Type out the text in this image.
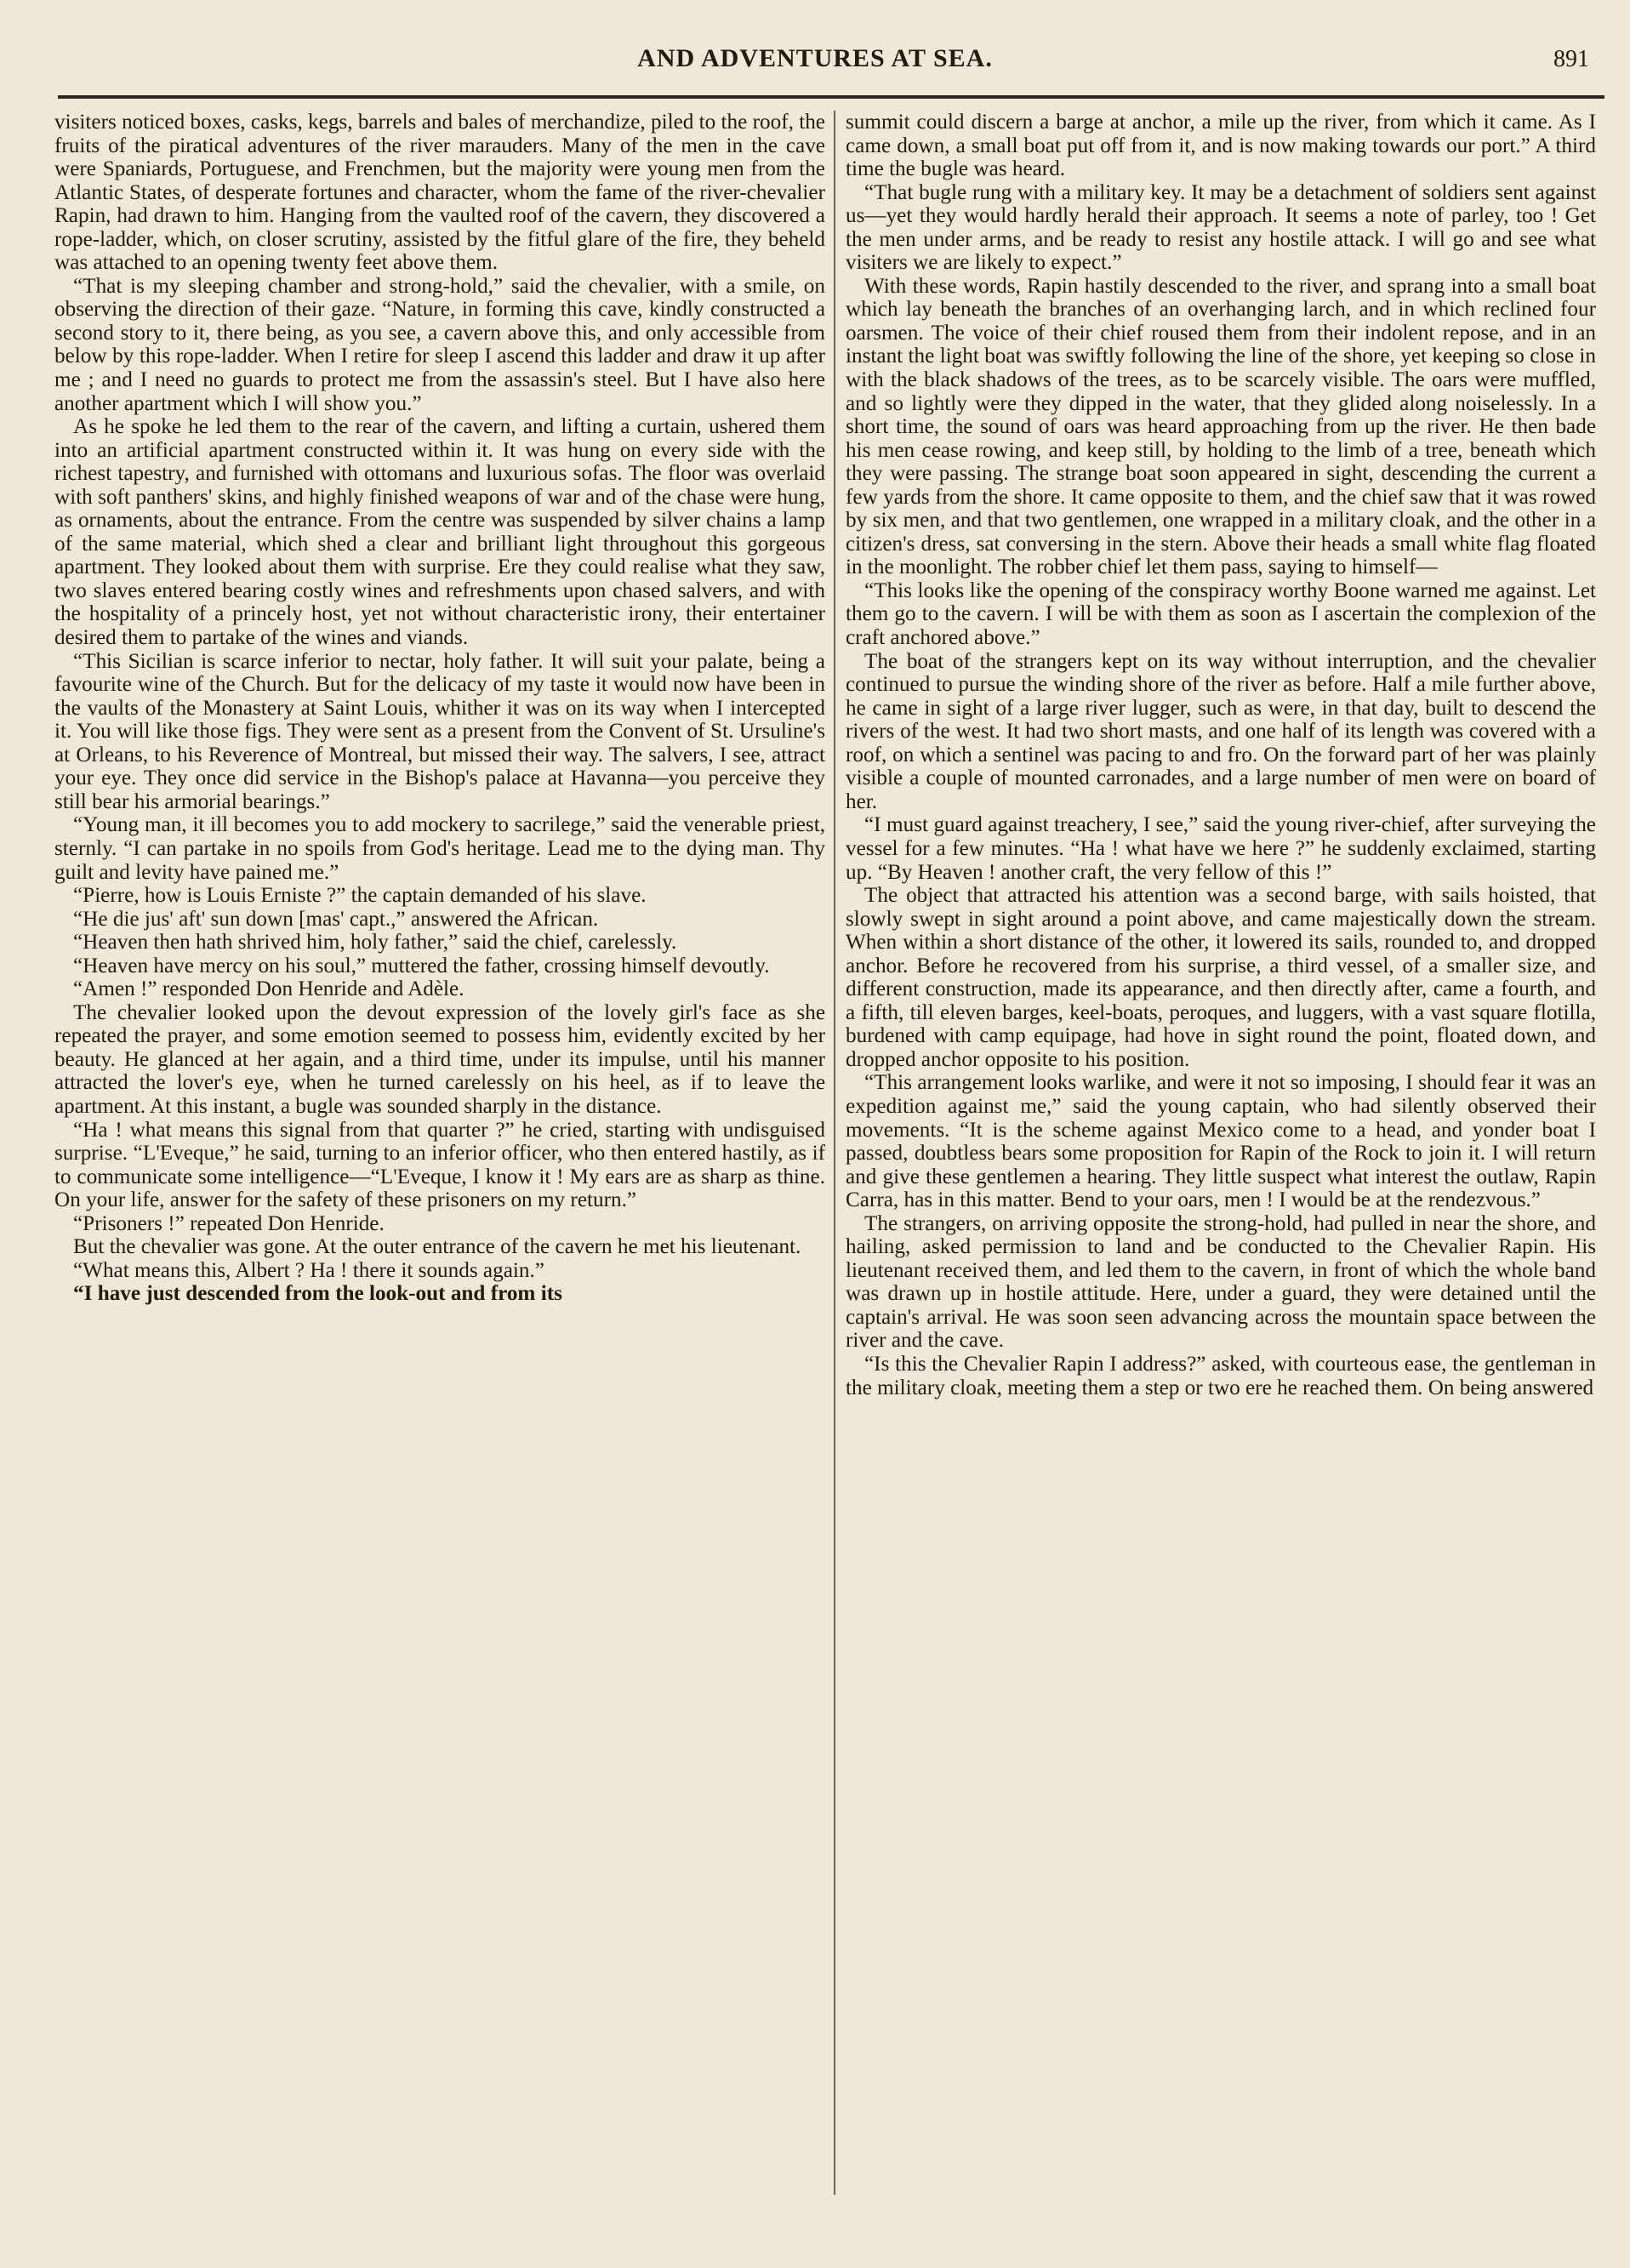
AND ADVENTURES AT SEA.	891

visiters noticed boxes, casks, kegs, barrels and bales of merchandize, piled to the roof, the fruits of the piratical adventures of the river marauders. Many of the men in the cave were Spaniards, Portuguese, and Frenchmen, but the majority were young men from the Atlantic States, of desperate fortunes and character, whom the fame of the river-chevalier Rapin, had drawn to him. Hanging from the vaulted roof of the cavern, they discovered a rope-ladder, which, on closer scrutiny, assisted by the fitful glare of the fire, they beheld was attached to an opening twenty feet above them.

“That is my sleeping chamber and strong-hold,” said the chevalier, with a smile, on observing the direction of their gaze. “Nature, in forming this cave, kindly constructed a second story to it, there being, as you see, a cavern above this, and only accessible from below by this rope-ladder. When I retire for sleep I ascend this ladder and draw it up after me ; and I need no guards to protect me from the assassin's steel. But I have also here another apartment which I will show you.”

As he spoke he led them to the rear of the cavern, and lifting a curtain, ushered them into an artificial apartment constructed within it. It was hung on every side with the richest tapestry, and furnished with ottomans and luxurious sofas. The floor was overlaid with soft panthers' skins, and highly finished weapons of war and of the chase were hung, as ornaments, about the entrance. From the centre was suspended by silver chains a lamp of the same material, which shed a clear and brilliant light throughout this gorgeous apartment. They looked about them with surprise. Ere they could realise what they saw, two slaves entered bearing costly wines and refreshments upon chased salvers, and with the hospitality of a princely host, yet not without characteristic irony, their entertainer desired them to partake of the wines and viands.

“This Sicilian is scarce inferior to nectar, holy father. It will suit your palate, being a favourite wine of the Church. But for the delicacy of my taste it would now have been in the vaults of the Monastery at Saint Louis, whither it was on its way when I intercepted it. You will like those figs. They were sent as a present from the Convent of St. Ursuline's at Orleans, to his Reverence of Montreal, but missed their way. The salvers, I see, attract your eye. They once did service in the Bishop's palace at Havanna—you perceive they still bear his armorial bearings.”

“Young man, it ill becomes you to add mockery to sacrilege,” said the venerable priest, sternly. “I can partake in no spoils from God's heritage. Lead me to the dying man. Thy guilt and levity have pained me.”

“Pierre, how is Louis Erniste ?” the captain demanded of his slave.

“He die jus' aft' sun down [mas' capt.,” answered the African.

“Heaven then hath shrived him, holy father,” said the chief, carelessly.

“Heaven have mercy on his soul,” muttered the father, crossing himself devoutly.

“Amen !” responded Don Henride and Adèle.

The chevalier looked upon the devout expression of the lovely girl's face as she repeated the prayer, and some emotion seemed to possess him, evidently excited by her beauty. He glanced at her again, and a third time, under its impulse, until his manner attracted the lover's eye, when he turned carelessly on his heel, as if to leave the apartment. At this instant, a bugle was sounded sharply in the distance.

“Ha ! what means this signal from that quarter ?” he cried, starting with undisguised surprise. “L'Eveque,” he said, turning to an inferior officer, who then entered hastily, as if to communicate some intelligence—“L'Eveque, I know it ! My ears are as sharp as thine. On your life, answer for the safety of these prisoners on my return.”

“Prisoners !” repeated Don Henride.

But the chevalier was gone. At the outer entrance of the cavern he met his lieutenant.

“What means this, Albert ? Ha ! there it sounds again.”

“I have just descended from the look-out and from its

summit could discern a barge at anchor, a mile up the river, from which it came. As I came down, a small boat put off from it, and is now making towards our port.” A third time the bugle was heard.

“That bugle rung with a military key. It may be a detachment of soldiers sent against us—yet they would hardly herald their approach. It seems a note of parley, too ! Get the men under arms, and be ready to resist any hostile attack. I will go and see what visiters we are likely to expect.”

With these words, Rapin hastily descended to the river, and sprang into a small boat which lay beneath the branches of an overhanging larch, and in which reclined four oarsmen. The voice of their chief roused them from their indolent repose, and in an instant the light boat was swiftly following the line of the shore, yet keeping so close in with the black shadows of the trees, as to be scarcely visible. The oars were muffled, and so lightly were they dipped in the water, that they glided along noiselessly. In a short time, the sound of oars was heard approaching from up the river. He then bade his men cease rowing, and keep still, by holding to the limb of a tree, beneath which they were passing. The strange boat soon appeared in sight, descending the current a few yards from the shore. It came opposite to them, and the chief saw that it was rowed by six men, and that two gentlemen, one wrapped in a military cloak, and the other in a citizen's dress, sat conversing in the stern. Above their heads a small white flag floated in the moonlight. The robber chief let them pass, saying to himself—

“This looks like the opening of the conspiracy worthy Boone warned me against. Let them go to the cavern. I will be with them as soon as I ascertain the complexion of the craft anchored above.”

The boat of the strangers kept on its way without interruption, and the chevalier continued to pursue the winding shore of the river as before. Half a mile further above, he came in sight of a large river lugger, such as were, in that day, built to descend the rivers of the west. It had two short masts, and one half of its length was covered with a roof, on which a sentinel was pacing to and fro. On the forward part of her was plainly visible a couple of mounted carronades, and a large number of men were on board of her.

“I must guard against treachery, I see,” said the young river-chief, after surveying the vessel for a few minutes. “Ha ! what have we here ?” he suddenly exclaimed, starting up. “By Heaven ! another craft, the very fellow of this !”

The object that attracted his attention was a second barge, with sails hoisted, that slowly swept in sight around a point above, and came majestically down the stream. When within a short distance of the other, it lowered its sails, rounded to, and dropped anchor. Before he recovered from his surprise, a third vessel, of a smaller size, and different construction, made its appearance, and then directly after, came a fourth, and a fifth, till eleven barges, keel-boats, peroques, and luggers, with a vast square flotilla, burdened with camp equipage, had hove in sight round the point, floated down, and dropped anchor opposite to his position.

“This arrangement looks warlike, and were it not so imposing, I should fear it was an expedition against me,” said the young captain, who had silently observed their movements. “It is the scheme against Mexico come to a head, and yonder boat I passed, doubtless bears some proposition for Rapin of the Rock to join it. I will return and give these gentlemen a hearing. They little suspect what interest the outlaw, Rapin Carra, has in this matter. Bend to your oars, men ! I would be at the rendezvous.”

The strangers, on arriving opposite the strong-hold, had pulled in near the shore, and hailing, asked permission to land and be conducted to the Chevalier Rapin. His lieutenant received them, and led them to the cavern, in front of which the whole band was drawn up in hostile attitude. Here, under a guard, they were detained until the captain's arrival. He was soon seen advancing across the mountain space between the river and the cave.

“Is this the Chevalier Rapin I address?” asked, with courteous ease, the gentleman in the military cloak, meeting them a step or two ere he reached them. On being answered
